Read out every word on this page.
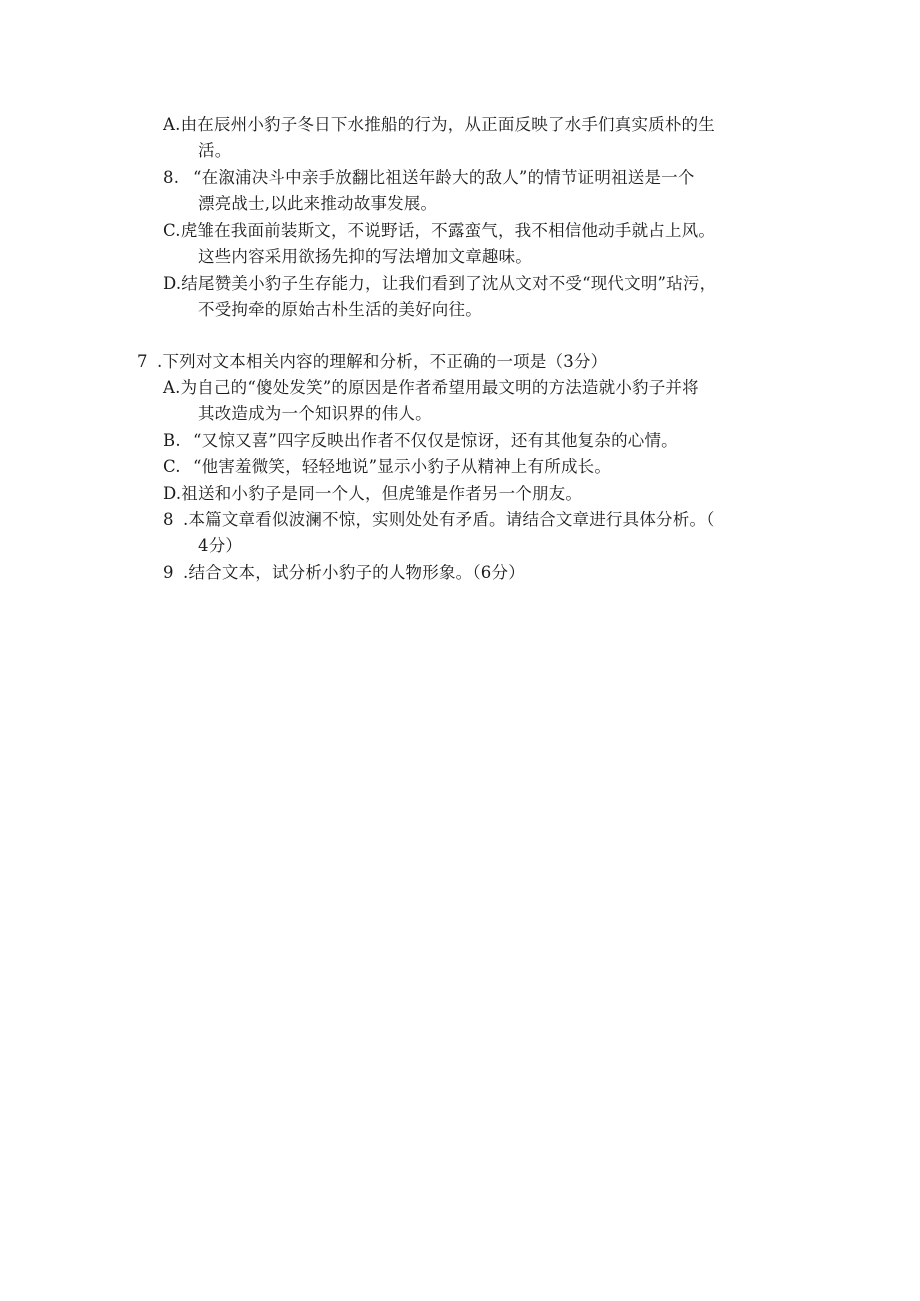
A.由在辰州小豹子冬日下水推船的行为，从正面反映了水手们真实质朴的生
活。
8. “在溆浦决斗中亲手放翻比祖送年龄大的敌人”的情节证明祖送是一个
漂亮战士,以此来推动故事发展。
C.虎雏在我面前装斯文，不说野话，不露蛮气，我不相信他动手就占上风。
这些内容采用欲扬先抑的写法增加文章趣味。
D.结尾赞美小豹子生存能力，让我们看到了沈从文对不受“现代文明”玷污，
不受拘牵的原始古朴生活的美好向往。
7 .下列对文本相关内容的理解和分析，不正确的一项是（3分）
A.为自己的“傻处发笑”的原因是作者希望用最文明的方法造就小豹子并将
其改造成为一个知识界的伟人。
B. “又惊又喜”四字反映出作者不仅仅是惊讶，还有其他复杂的心情。
C. “他害羞微笑，轻轻地说”显示小豹子从精神上有所成长。
D.祖送和小豹子是同一个人，但虎雏是作者另一个朋友。
8 .本篇文章看似波澜不惊，实则处处有矛盾。请结合文章进行具体分析。（
4分）
9 .结合文本，试分析小豹子的人物形象。（6分）
